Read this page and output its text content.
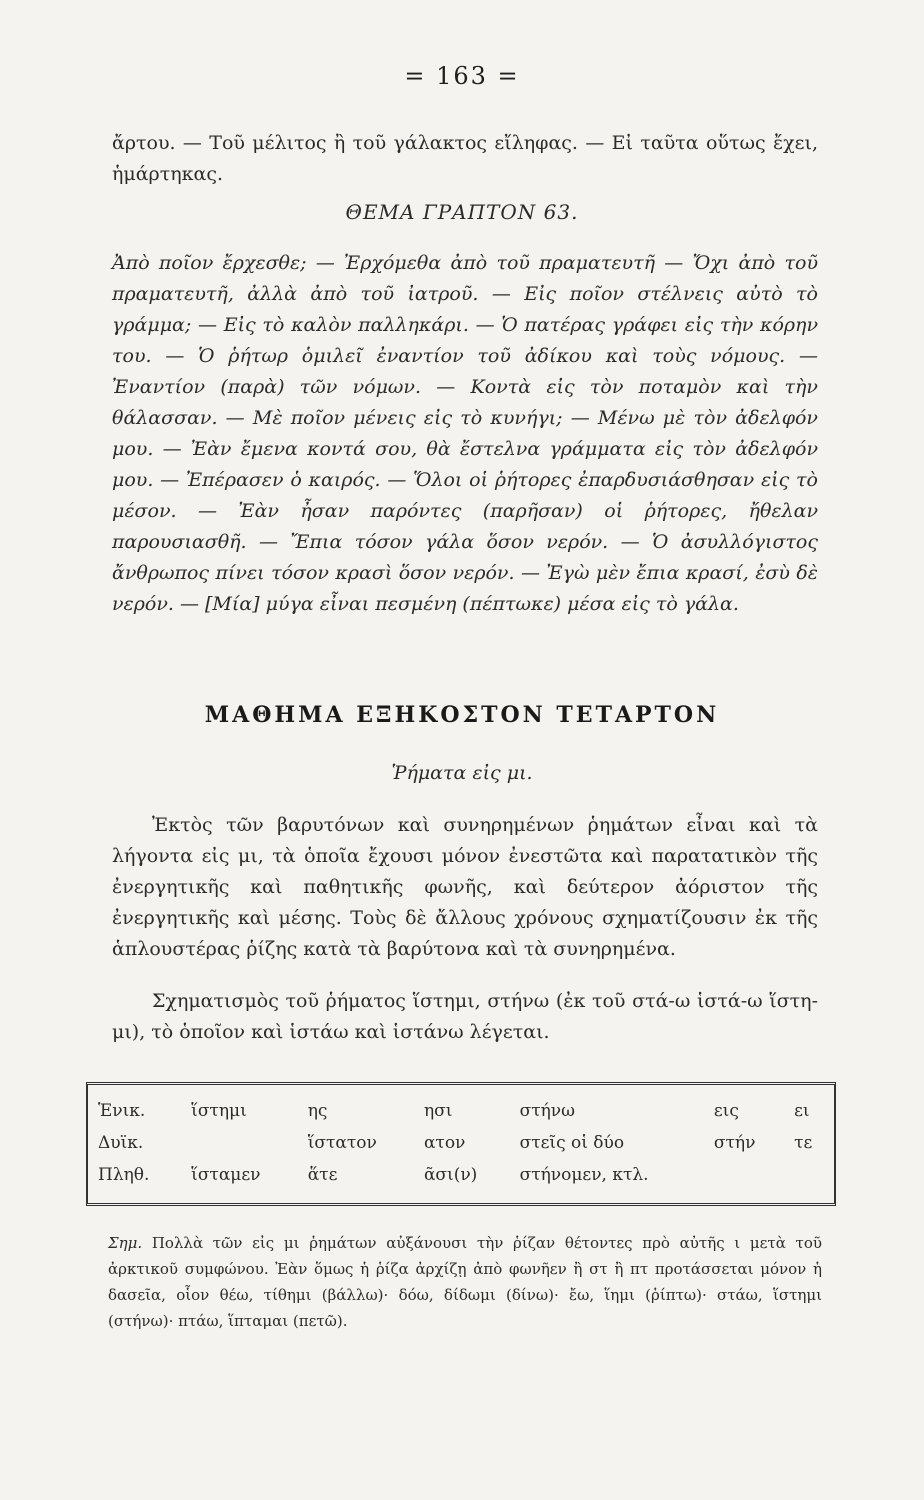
= 163 =
ἄρτου. — Τοῦ μέλιτος ἢ τοῦ γάλακτος εἴληφας. — Εἰ ταῦτα οὕτως ἔχει, ἡμάρτηκας.
ΘΕΜΑ ΓΡΑΠΤΟΝ 63.
Ἀπὸ ποῖον ἔρχεσθε; — Ἐρχόμεθα ἀπὸ τοῦ πραματευτῆ — Ὄχι ἀπὸ τοῦ πραματευτῆ, ἀλλὰ ἀπὸ τοῦ ἰατροῦ. — Εἰς ποῖον στέλνεις αὐτὸ τὸ γράμμα; — Εἰς τὸ καλὸν παλληκάρι. — Ὁ πατέρας γράφει εἰς τὴν κόρην του. — Ὁ ῥήτωρ ὁμιλεῖ ἐναντίον τοῦ ἀδίκου καὶ τοὺς νόμους. — Ἐναντίον (παρὰ) τῶν νόμων. — Κοντὰ εἰς τὸν ποταμὸν καὶ τὴν θάλασσαν. — Μὲ ποῖον μένεις εἰς τὸ κυνήγι; — Μένω μὲ τὸν ἀδελφόν μου. — Ἐὰν ἔμενα κοντά σου, θὰ ἔστελνα γράμματα εἰς τὸν ἀδελφόν μου. — Ἐπέρασεν ὁ καιρός. — Ὅλοι οἱ ῥήτορες ἐπαρδυσιάσθησαν εἰς τὸ μέσον. — Ἐὰν ἦσαν παρόντες (παρῆσαν) οἱ ῥήτορες, ἤθελαν παρουσιασθῆ. — Ἔπια τόσον γάλα ὅσον νερόν. — Ὁ ἀσυλλόγιστος ἄνθρωπος πίνει τόσον κρασὶ ὅσον νερόν. — Ἐγὼ μὲν ἔπια κρασί, ἐσὺ δὲ νερόν. — [Μία] μύγα εἶναι πεσμένη (πέπτωκε) μέσα εἰς τὸ γάλα.
ΜΑΘΗΜΑ ΕΞΗΚΟΣΤΟΝ ΤΕΤΑΡΤΟΝ
Ῥήματα εἰς μι.
Ἐκτὸς τῶν βαρυτόνων καὶ συνηρημένων ῥημάτων εἶναι καὶ τὰ λήγοντα εἰς μι, τὰ ὁποῖα ἔχουσι μόνον ἐνεστῶτα καὶ παρατατικὸν τῆς ἐνεργητικῆς καὶ παθητικῆς φωνῆς, καὶ δεύτερον ἀόριστον τῆς ἐνεργητικῆς καὶ μέσης. Τοὺς δὲ ἄλλους χρόνους σχηματίζουσιν ἐκ τῆς ἁπλουστέρας ῥίζης κατὰ τὰ βαρύτονα καὶ τὰ συνηρημένα.
Σχηματισμὸς τοῦ ῥήματος ἵστημι, στήνω (ἐκ τοῦ στά-ω ἱστά-ω ἵστη-μι), τὸ ὁποῖον καὶ ἱστάω καὶ ἱστάνω λέγεται.
Ἑνικ.	ἵστημι	ης	ησι	στήνω	εις	ει
Δυϊκ.		ἵστατον	ατον	στεῖς οἱ δύο	στήν	τε
Πληθ.	ἵσταμεν	ἅτε	ᾶσι(ν)	στήνομεν, κτλ.		
Σημ. Πολλὰ τῶν εἰς μι ῥημάτων αὐξάνουσι τὴν ῥίζαν θέτοντες πρὸ αὐτῆς ι μετὰ τοῦ ἀρκτικοῦ συμφώνου. Ἐὰν ὅμως ἡ ῥίζα ἀρχίζῃ ἀπὸ φωνῆεν ἢ στ ἢ πτ προτάσσεται μόνον ἡ δασεῖα, οἷον θέω, τίθημι (βάλλω)· δόω, δίδωμι (δίνω)· ἔω, ἵημι (ῥίπτω)· στάω, ἵστημι (στήνω)· πτάω, ἵπταμαι (πετῶ).
